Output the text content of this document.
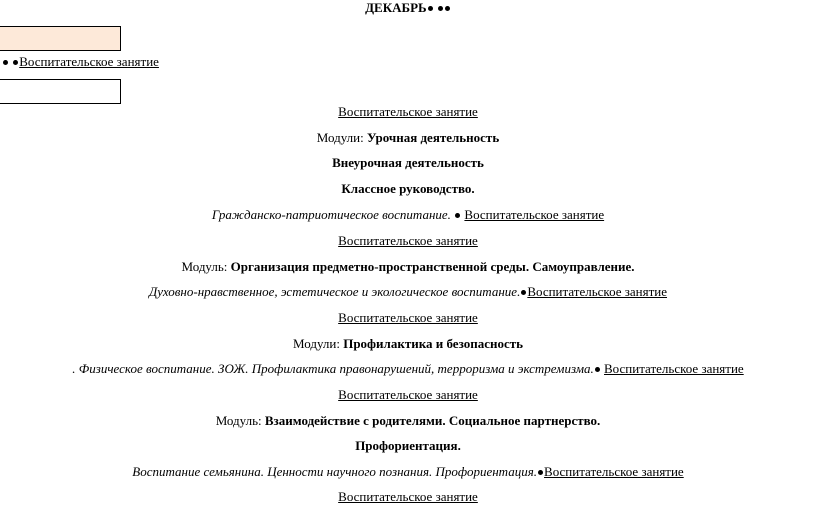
ДЕКАБРЬ
Воспитательское занятие
Воспитательское занятие
Модули: Урочная деятельность
Внеурочная деятельность
Классное руководство.
Гражданско-патриотическое воспитание.  Воспитательское занятие
Воспитательское занятие
Модуль: Организация предметно-пространственной среды. Самоуправление.
Духовно-нравственное, эстетическое и экологическое воспитание. Воспитательское занятие
Воспитательское занятие
Модули: Профилактика и безопасность
. Физическое воспитание. ЗОЖ. Профилактика правонарушений, терроризма и экстремизма. Воспитательское занятие
Воспитательское занятие
Модуль: Взаимодействие с родителями. Социальное партнерство.
Профориентация.
Воспитание семьянина. Ценности научного познания. Профориентация. Воспитательское занятие
Воспитательское занятие
